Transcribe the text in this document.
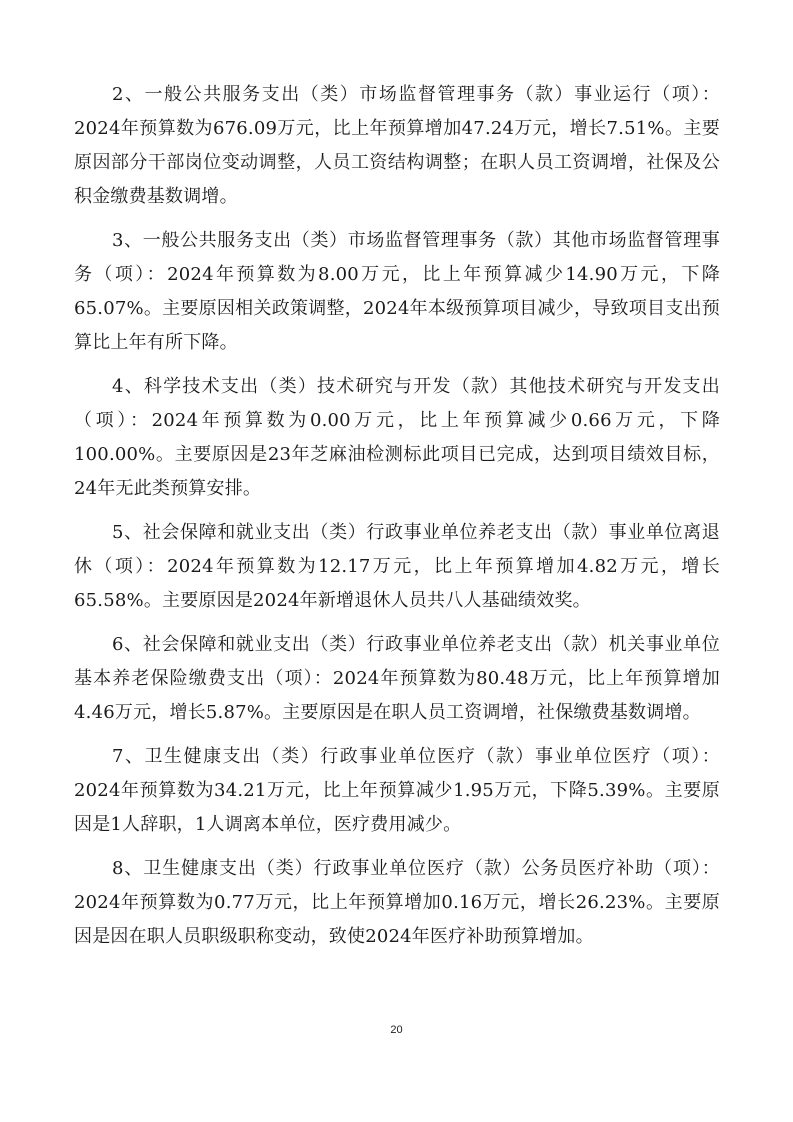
2、一般公共服务支出（类）市场监督管理事务（款）事业运行（项）：2024年预算数为676.09万元，比上年预算增加47.24万元，增长7.51%。主要原因部分干部岗位变动调整，人员工资结构调整；在职人员工资调增，社保及公积金缴费基数调增。

3、一般公共服务支出（类）市场监督管理事务（款）其他市场监督管理事务（项）：2024年预算数为8.00万元，比上年预算减少14.90万元，下降65.07%。主要原因相关政策调整，2024年本级预算项目减少，导致项目支出预算比上年有所下降。

4、科学技术支出（类）技术研究与开发（款）其他技术研究与开发支出（项）：2024年预算数为0.00万元，比上年预算减少0.66万元，下降100.00%。主要原因是23年芝麻油检测标此项目已完成，达到项目绩效目标，24年无此类预算安排。

5、社会保障和就业支出（类）行政事业单位养老支出（款）事业单位离退休（项）：2024年预算数为12.17万元，比上年预算增加4.82万元，增长65.58%。主要原因是2024年新增退休人员共八人基础绩效奖。

6、社会保障和就业支出（类）行政事业单位养老支出（款）机关事业单位基本养老保险缴费支出（项）：2024年预算数为80.48万元，比上年预算增加4.46万元，增长5.87%。主要原因是在职人员工资调增，社保缴费基数调增。

7、卫生健康支出（类）行政事业单位医疗（款）事业单位医疗（项）：2024年预算数为34.21万元，比上年预算减少1.95万元，下降5.39%。主要原因是1人辞职，1人调离本单位，医疗费用减少。

8、卫生健康支出（类）行政事业单位医疗（款）公务员医疗补助（项）：2024年预算数为0.77万元，比上年预算增加0.16万元，增长26.23%。主要原因是因在职人员职级职称变动，致使2024年医疗补助预算增加。

20
